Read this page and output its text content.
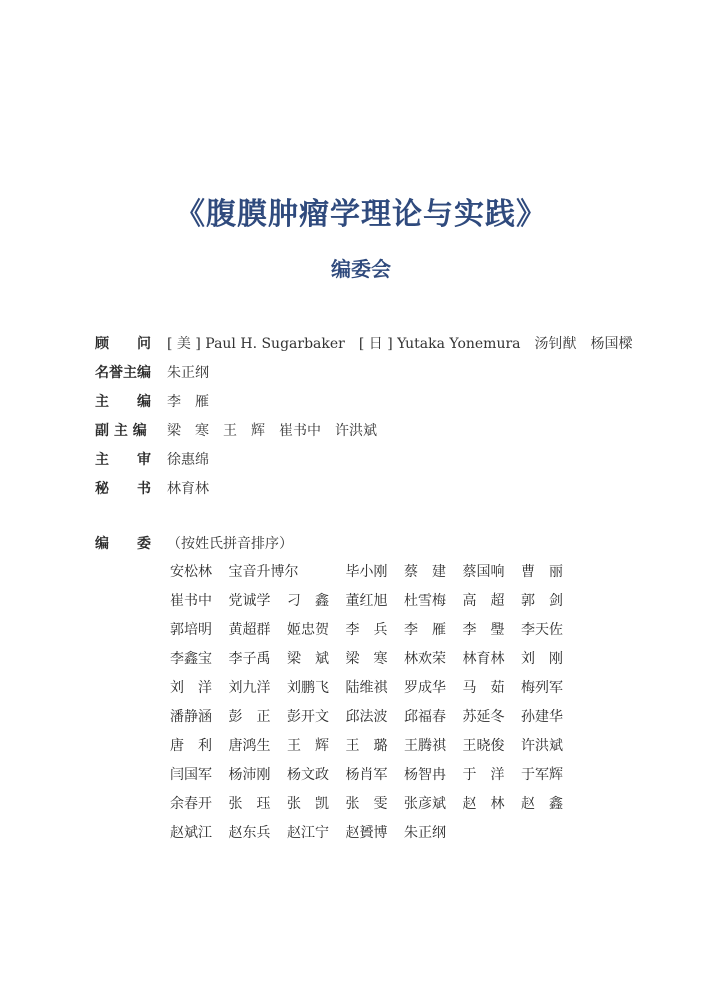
《腹膜肿瘤学理论与实践》
编委会
顾　　问	[ 美 ] Paul H. Sugarbaker　[ 日 ] Yutaka Yonemura　汤钊猷　杨国樑
名誉主编	朱正纲
主　　编	李　雁
副 主 编	梁　寒　王　辉　崔书中　许洪斌
主　　审	徐惠绵
秘　　书	林育林
编　　委	（按姓氏拼音排序）
安松林	宝音升博尔	毕小刚	蔡　建	蔡国响	曹　丽
崔书中	党诚学	刁　鑫	董红旭	杜雪梅	高　超	郭　剑
郭培明	黄超群	姬忠贺	李　兵	李　雁	李　璺	李天佐
李鑫宝	李子禹	梁　斌	梁　寒	林欢荣	林育林	刘　刚
刘　洋	刘九洋	刘鹏飞	陆维祺	罗成华	马　茹	梅列军
潘静涵	彭　正	彭开文	邱法波	邱福春	苏延冬	孙建华
唐　利	唐鸿生	王　辉	王　璐	王腾祺	王晓俊	许洪斌
闫国军	杨沛刚	杨文政	杨肖军	杨智冉	于　洋	于军辉
余春开	张　珏	张　凯	张　雯	张彦斌	赵　林	赵　鑫
赵斌江	赵东兵	赵江宁	赵贇博	朱正纲
